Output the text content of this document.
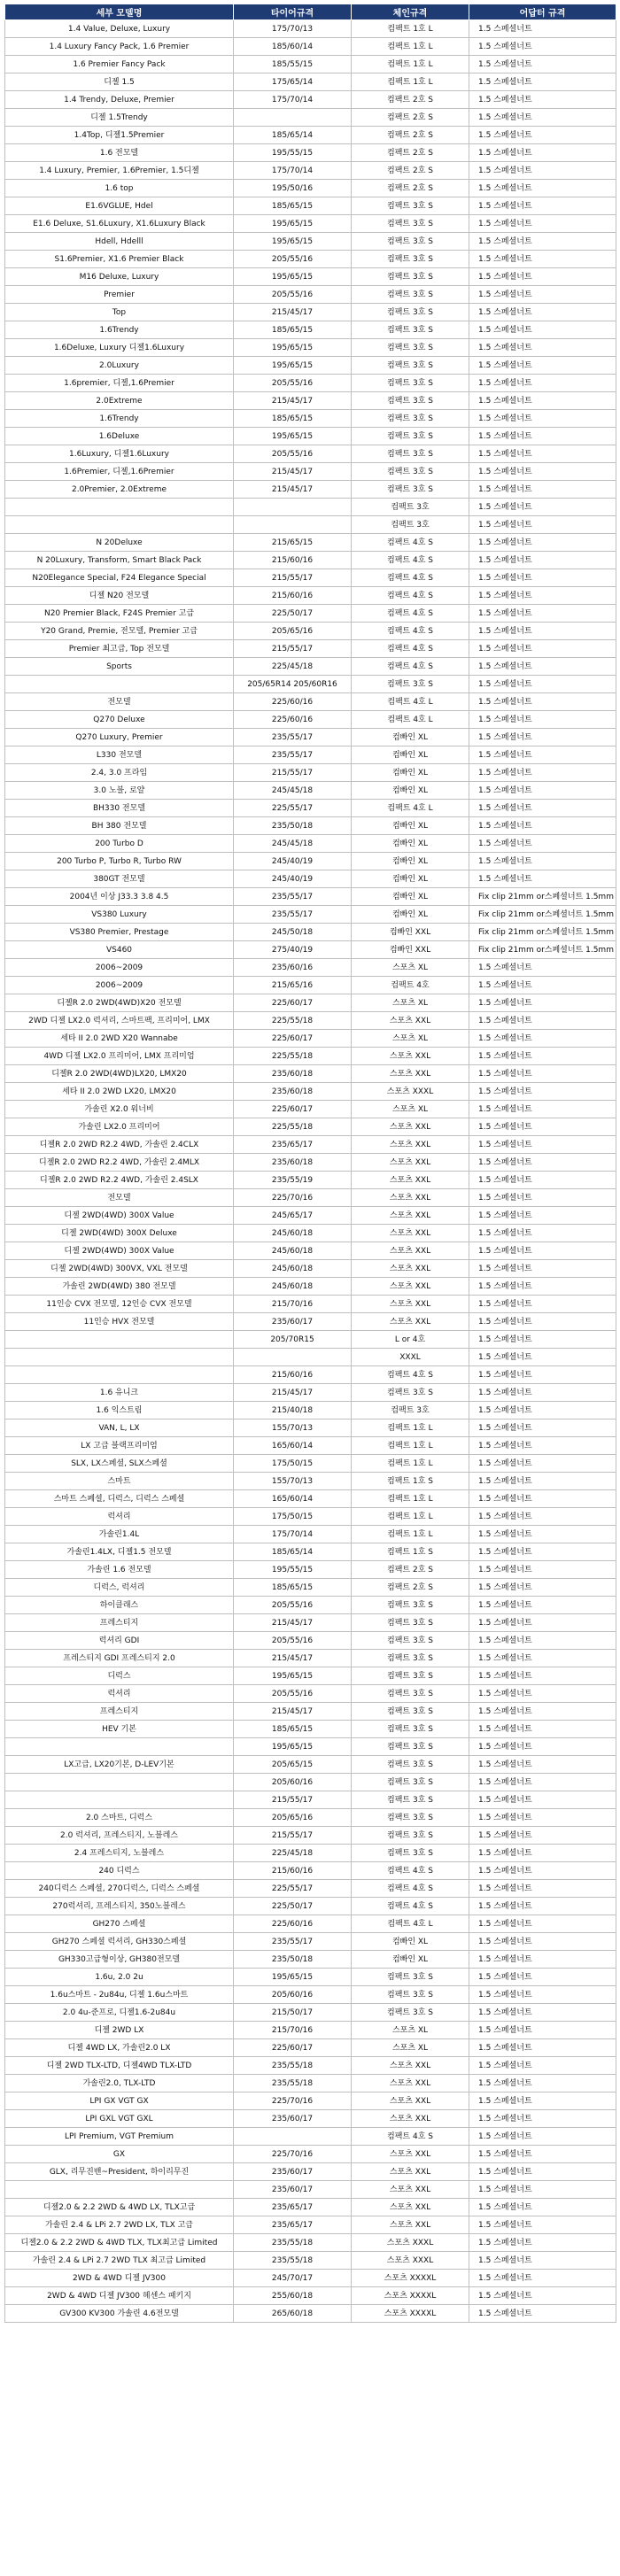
세부 모델명	타이어규격	체인규격	어답터 규격
1.4 Value, Deluxe, Luxury	175/70/13	컴팩트 1호 L	1.5 스페셜너트
1.4 Luxury Fancy Pack, 1.6 Premier	185/60/14	컴팩트 1호 L	1.5 스페셜너트
1.6 Premier Fancy Pack	185/55/15	컴팩트 1호 L	1.5 스페셜너트
디젤 1.5	175/65/14	컴팩트 1호 L	1.5 스페셜너트
1.4 Trendy, Deluxe, Premier	175/70/14	컴팩트 2호 S	1.5 스페셜너트
디젤 1.5Trendy		컴팩트 2호 S	1.5 스페셜너트
1.4Top, 디젤1.5Premier	185/65/14	컴팩트 2호 S	1.5 스페셜너트
1.6 전모델	195/55/15	컴팩트 2호 S	1.5 스페셜너트
1.4 Luxury, Premier, 1.6Premier, 1.5디젤	175/70/14	컴팩트 2호 S	1.5 스페셜너트
1.6 top	195/50/16	컴팩트 2호 S	1.5 스페셜너트
E1.6VGLUE, Hdel	185/65/15	컴팩트 3호 S	1.5 스페셜너트
E1.6 Deluxe, S1.6Luxury, X1.6Luxury Black	195/65/15	컴팩트 3호 S	1.5 스페셜너트
Hdell, Hdelll	195/65/15	컴팩트 3호 S	1.5 스페셜너트
S1.6Premier, X1.6 Premier Black	205/55/16	컴팩트 3호 S	1.5 스페셜너트
M16 Deluxe, Luxury	195/65/15	컴팩트 3호 S	1.5 스페셜너트
Premier	205/55/16	컴팩트 3호 S	1.5 스페셜너트
Top	215/45/17	컴팩트 3호 S	1.5 스페셜너트
1.6Trendy	185/65/15	컴팩트 3호 S	1.5 스페셜너트
1.6Deluxe, Luxury 디젤1.6Luxury	195/65/15	컴팩트 3호 S	1.5 스페셜너트
2.0Luxury	195/65/15	컴팩트 3호 S	1.5 스페셜너트
1.6premier, 디젤,1.6Premier	205/55/16	컴팩트 3호 S	1.5 스페셜너트
2.0Extreme	215/45/17	컴팩트 3호 S	1.5 스페셜너트
1.6Trendy	185/65/15	컴팩트 3호 S	1.5 스페셜너트
1.6Deluxe	195/65/15	컴팩트 3호 S	1.5 스페셜너트
1.6Luxury, 디젤1.6Luxury	205/55/16	컴팩트 3호 S	1.5 스페셜너트
1.6Premier, 디젤,1.6Premier	215/45/17	컴팩트 3호 S	1.5 스페셜너트
2.0Premier, 2.0Extreme	215/45/17	컴팩트 3호 S	1.5 스페셜너트
		컴팩트 3호	1.5 스페셜너트
		컴팩트 3호	1.5 스페셜너트
N 20Deluxe	215/65/15	컴팩트 4호 S	1.5 스페셜너트
N 20Luxury, Transform, Smart Black Pack	215/60/16	컴팩트 4호 S	1.5 스페셜너트
N20Elegance Special, F24 Elegance Special	215/55/17	컴팩트 4호 S	1.5 스페셜너트
디젤 N20 전모델	215/60/16	컴팩트 4호 S	1.5 스페셜너트
N20 Premier Black, F24S Premier 고급	225/50/17	컴팩트 4호 S	1.5 스페셜너트
Y20 Grand, Premie, 전모델, Premier 고급	205/65/16	컴팩트 4호 S	1.5 스페셜너트
Premier 최고급, Top 전모델	215/55/17	컴팩트 4호 S	1.5 스페셜너트
Sports	225/45/18	컴팩트 4호 S	1.5 스페셜너트
	205/65R14 205/60R16	컴팩트 3호 S	1.5 스페셜너트
전모델	225/60/16	컴팩트 4호 L	1.5 스페셜너트
Q270 Deluxe	225/60/16	컴팩트 4호 L	1.5 스페셜너트
Q270 Luxury, Premier	235/55/17	컴빠인 XL	1.5 스페셜너트
L330 전모델	235/55/17	컴빠인 XL	1.5 스페셜너트
2.4, 3.0 프라임	215/55/17	컴빠인 XL	1.5 스페셜너트
3.0 노블, 로얄	245/45/18	컴빠인 XL	1.5 스페셜너트
BH330 전모델	225/55/17	컴팩트 4호 L	1.5 스페셜너트
BH 380 전모델	235/50/18	컴빠인 XL	1.5 스페셜너트
200 Turbo D	245/45/18	컴빠인 XL	1.5 스페셜너트
200 Turbo P, Turbo R, Turbo RW	245/40/19	컴빠인 XL	1.5 스페셜너트
380GT 전모델	245/40/19	컴빠인 XL	1.5 스페셜너트
2004년 이상 J33.3 3.8 4.5	235/55/17	컴빠인 XL	Fix clip 21mm or스페셜너트 1.5mm
VS380 Luxury	235/55/17	컴빠인 XL	Fix clip 21mm or스페셜너트 1.5mm
VS380 Premier, Prestage	245/50/18	컴빠인 XXL	Fix clip 21mm or스페셜너트 1.5mm
VS460	275/40/19	컴빠인 XXL	Fix clip 21mm or스페셜너트 1.5mm
2006~2009	235/60/16	스포츠 XL	1.5 스페셜너트
2006~2009	215/65/16	컴팩트 4호	1.5 스페셜너트
디젤R 2.0 2WD(4WD)X20 전모델	225/60/17	스포츠 XL	1.5 스페셜너트
2WD 디젤 LX2.0 럭셔리, 스마트팩, 프리미어, LMX	225/55/18	스포츠 XXL	1.5 스페셜너트
세타 II 2.0 2WD X20 Wannabe	225/60/17	스포츠 XL	1.5 스페셜너트
4WD 디젤 LX2.0 프리미어, LMX 프리미엄	225/55/18	스포츠 XXL	1.5 스페셜너트
디젤R 2.0 2WD(4WD)LX20, LMX20	235/60/18	스포츠 XXL	1.5 스페셜너트
세타 II 2.0 2WD LX20, LMX20	235/60/18	스포츠 XXXL	1.5 스페셜너트
가솔린 X2.0 워너비	225/60/17	스포츠 XL	1.5 스페셜너트
가솔린 LX2.0 프리미어	225/55/18	스포츠 XXL	1.5 스페셜너트
디젤R 2.0 2WD R2.2 4WD, 가솔린 2.4CLX	235/65/17	스포츠 XXL	1.5 스페셜너트
디젤R 2.0 2WD R2.2 4WD, 가솔린 2.4MLX	235/60/18	스포츠 XXL	1.5 스페셜너트
디젤R 2.0 2WD R2.2 4WD, 가솔린 2.4SLX	235/55/19	스포츠 XXL	1.5 스페셜너트
전모델	225/70/16	스포츠 XXL	1.5 스페셜너트
디젤 2WD(4WD) 300X Value	245/65/17	스포츠 XXL	1.5 스페셜너트
디젤 2WD(4WD) 300X Deluxe	245/60/18	스포츠 XXL	1.5 스페셜너트
디젤 2WD(4WD) 300X Value	245/60/18	스포츠 XXL	1.5 스페셜너트
디젤 2WD(4WD) 300VX, VXL 전모델	245/60/18	스포츠 XXL	1.5 스페셜너트
가솔린 2WD(4WD) 380 전모델	245/60/18	스포츠 XXL	1.5 스페셜너트
11인승 CVX 전모델, 12인승 CVX 전모델	215/70/16	스포츠 XXL	1.5 스페셜너트
11인승 HVX 전모델	235/60/17	스포츠 XXL	1.5 스페셜너트
	205/70R15	L or 4호	1.5 스페셜너트
		XXXL	1.5 스페셜너트
	215/60/16	컴팩트 4호 S	1.5 스페셜너트
1.6 유니크	215/45/17	컴팩트 3호 S	1.5 스페셜너트
1.6 익스트림	215/40/18	컴팩트 3호	1.5 스페셜너트
VAN, L, LX	155/70/13	컴팩트 1호 L	1.5 스페셜너트
LX 고급 블랙프리미엄	165/60/14	컴팩트 1호 L	1.5 스페셜너트
SLX, LX스페셜, SLX스페셜	175/50/15	컴팩트 1호 L	1.5 스페셜너트
스마트	155/70/13	컴팩트 1호 S	1.5 스페셜너트
스마트 스페셜, 디럭스, 디럭스 스페셜	165/60/14	컴팩트 1호 L	1.5 스페셜너트
럭셔리	175/50/15	컴팩트 1호 L	1.5 스페셜너트
가솔린1.4L	175/70/14	컴팩트 1호 L	1.5 스페셜너트
가솔린1.4LX, 디젤1.5 전모델	185/65/14	컴팩트 1호 S	1.5 스페셜너트
가솔린 1.6 전모델	195/55/15	컴팩트 2호 S	1.5 스페셜너트
디럭스, 럭셔리	185/65/15	컴팩트 2호 S	1.5 스페셜너트
하이클래스	205/55/16	컴팩트 3호 S	1.5 스페셜너트
프레스티지	215/45/17	컴팩트 3호 S	1.5 스페셜너트
럭셔리 GDI	205/55/16	컴팩트 3호 S	1.5 스페셜너트
프레스티지 GDI 프레스티지 2.0	215/45/17	컴팩트 3호 S	1.5 스페셜너트
디럭스	195/65/15	컴팩트 3호 S	1.5 스페셜너트
럭셔리	205/55/16	컴팩트 3호 S	1.5 스페셜너트
프레스티지	215/45/17	컴팩트 3호 S	1.5 스페셜너트
HEV 기본	185/65/15	컴팩트 3호 S	1.5 스페셜너트
	195/65/15	컴팩트 3호 S	1.5 스페셜너트
LX고급, LX20기본, D-LEV기본	205/65/15	컴팩트 3호 S	1.5 스페셜너트
	205/60/16	컴팩트 3호 S	1.5 스페셜너트
	215/55/17	컴팩트 3호 S	1.5 스페셜너트
2.0 스마트, 디럭스	205/65/16	컴팩트 3호 S	1.5 스페셜너트
2.0 럭셔리, 프레스티지, 노블레스	215/55/17	컴팩트 3호 S	1.5 스페셜너트
2.4 프레스티지, 노블레스	225/45/18	컴팩트 3호 S	1.5 스페셜너트
240 디럭스	215/60/16	컴팩트 4호 S	1.5 스페셜너트
240디럭스 스페셜, 270디럭스, 디럭스 스페셜	225/55/17	컴팩트 4호 S	1.5 스페셜너트
270럭셔리, 프레스티지, 350노블레스	225/50/17	컴팩트 4호 S	1.5 스페셜너트
GH270 스페셜	225/60/16	컴팩트 4호 L	1.5 스페셜너트
GH270 스페셜 럭셔리, GH330스페셜	235/55/17	컴빠인 XL	1.5 스페셜너트
GH330고급형이상, GH380전모델	235/50/18	컴빠인 XL	1.5 스페셜너트
1.6u, 2.0 2u	195/65/15	컴팩트 3호 S	1.5 스페셜너트
1.6u스마트 - 2u84u, 디젤 1.6u스마트	205/60/16	컴팩트 3호 S	1.5 스페셜너트
2.0 4u-준프로, 디젤1.6-2u84u	215/50/17	컴팩트 3호 S	1.5 스페셜너트
디젤 2WD LX	215/70/16	스포츠 XL	1.5 스페셜너트
디젤 4WD LX, 가솔린2.0 LX	225/60/17	스포츠 XL	1.5 스페셜너트
디젤 2WD TLX-LTD, 디젤4WD TLX-LTD	235/55/18	스포츠 XXL	1.5 스페셜너트
가솔린2.0, TLX-LTD	235/55/18	스포츠 XXL	1.5 스페셜너트
LPI GX VGT GX	225/70/16	스포츠 XXL	1.5 스페셜너트
LPI GXL VGT GXL	235/60/17	스포츠 XXL	1.5 스페셜너트
LPI Premium, VGT Premium		컴팩트 4호 S	1.5 스페셜너트
GX	225/70/16	스포츠 XXL	1.5 스페셜너트
GLX, 리무진밴~President, 하이리무진	235/60/17	스포츠 XXL	1.5 스페셜너트
	235/60/17	스포츠 XXL	1.5 스페셜너트
디젤2.0 & 2.2 2WD & 4WD LX, TLX고급	235/65/17	스포츠 XXL	1.5 스페셜너트
가솔린 2.4 & LPi 2.7 2WD LX, TLX 고급	235/65/17	스포츠 XXL	1.5 스페셜너트
디젤2.0 & 2.2 2WD & 4WD TLX, TLX최고급 Limited	235/55/18	스포츠 XXXL	1.5 스페셜너트
가솔린 2.4 & LPi 2.7 2WD TLX 최고급 Limited	235/55/18	스포츠 XXXL	1.5 스페셜너트
2WD & 4WD 디젤 JV300	245/70/17	스포츠 XXXXL	1.5 스페셜너트
2WD & 4WD 디젤 JV300 헤센스 패키지	255/60/18	스포츠 XXXXL	1.5 스페셜너트
GV300 KV300 가솔린 4.6전모델	265/60/18	스포츠 XXXXL	1.5 스페셜너트
